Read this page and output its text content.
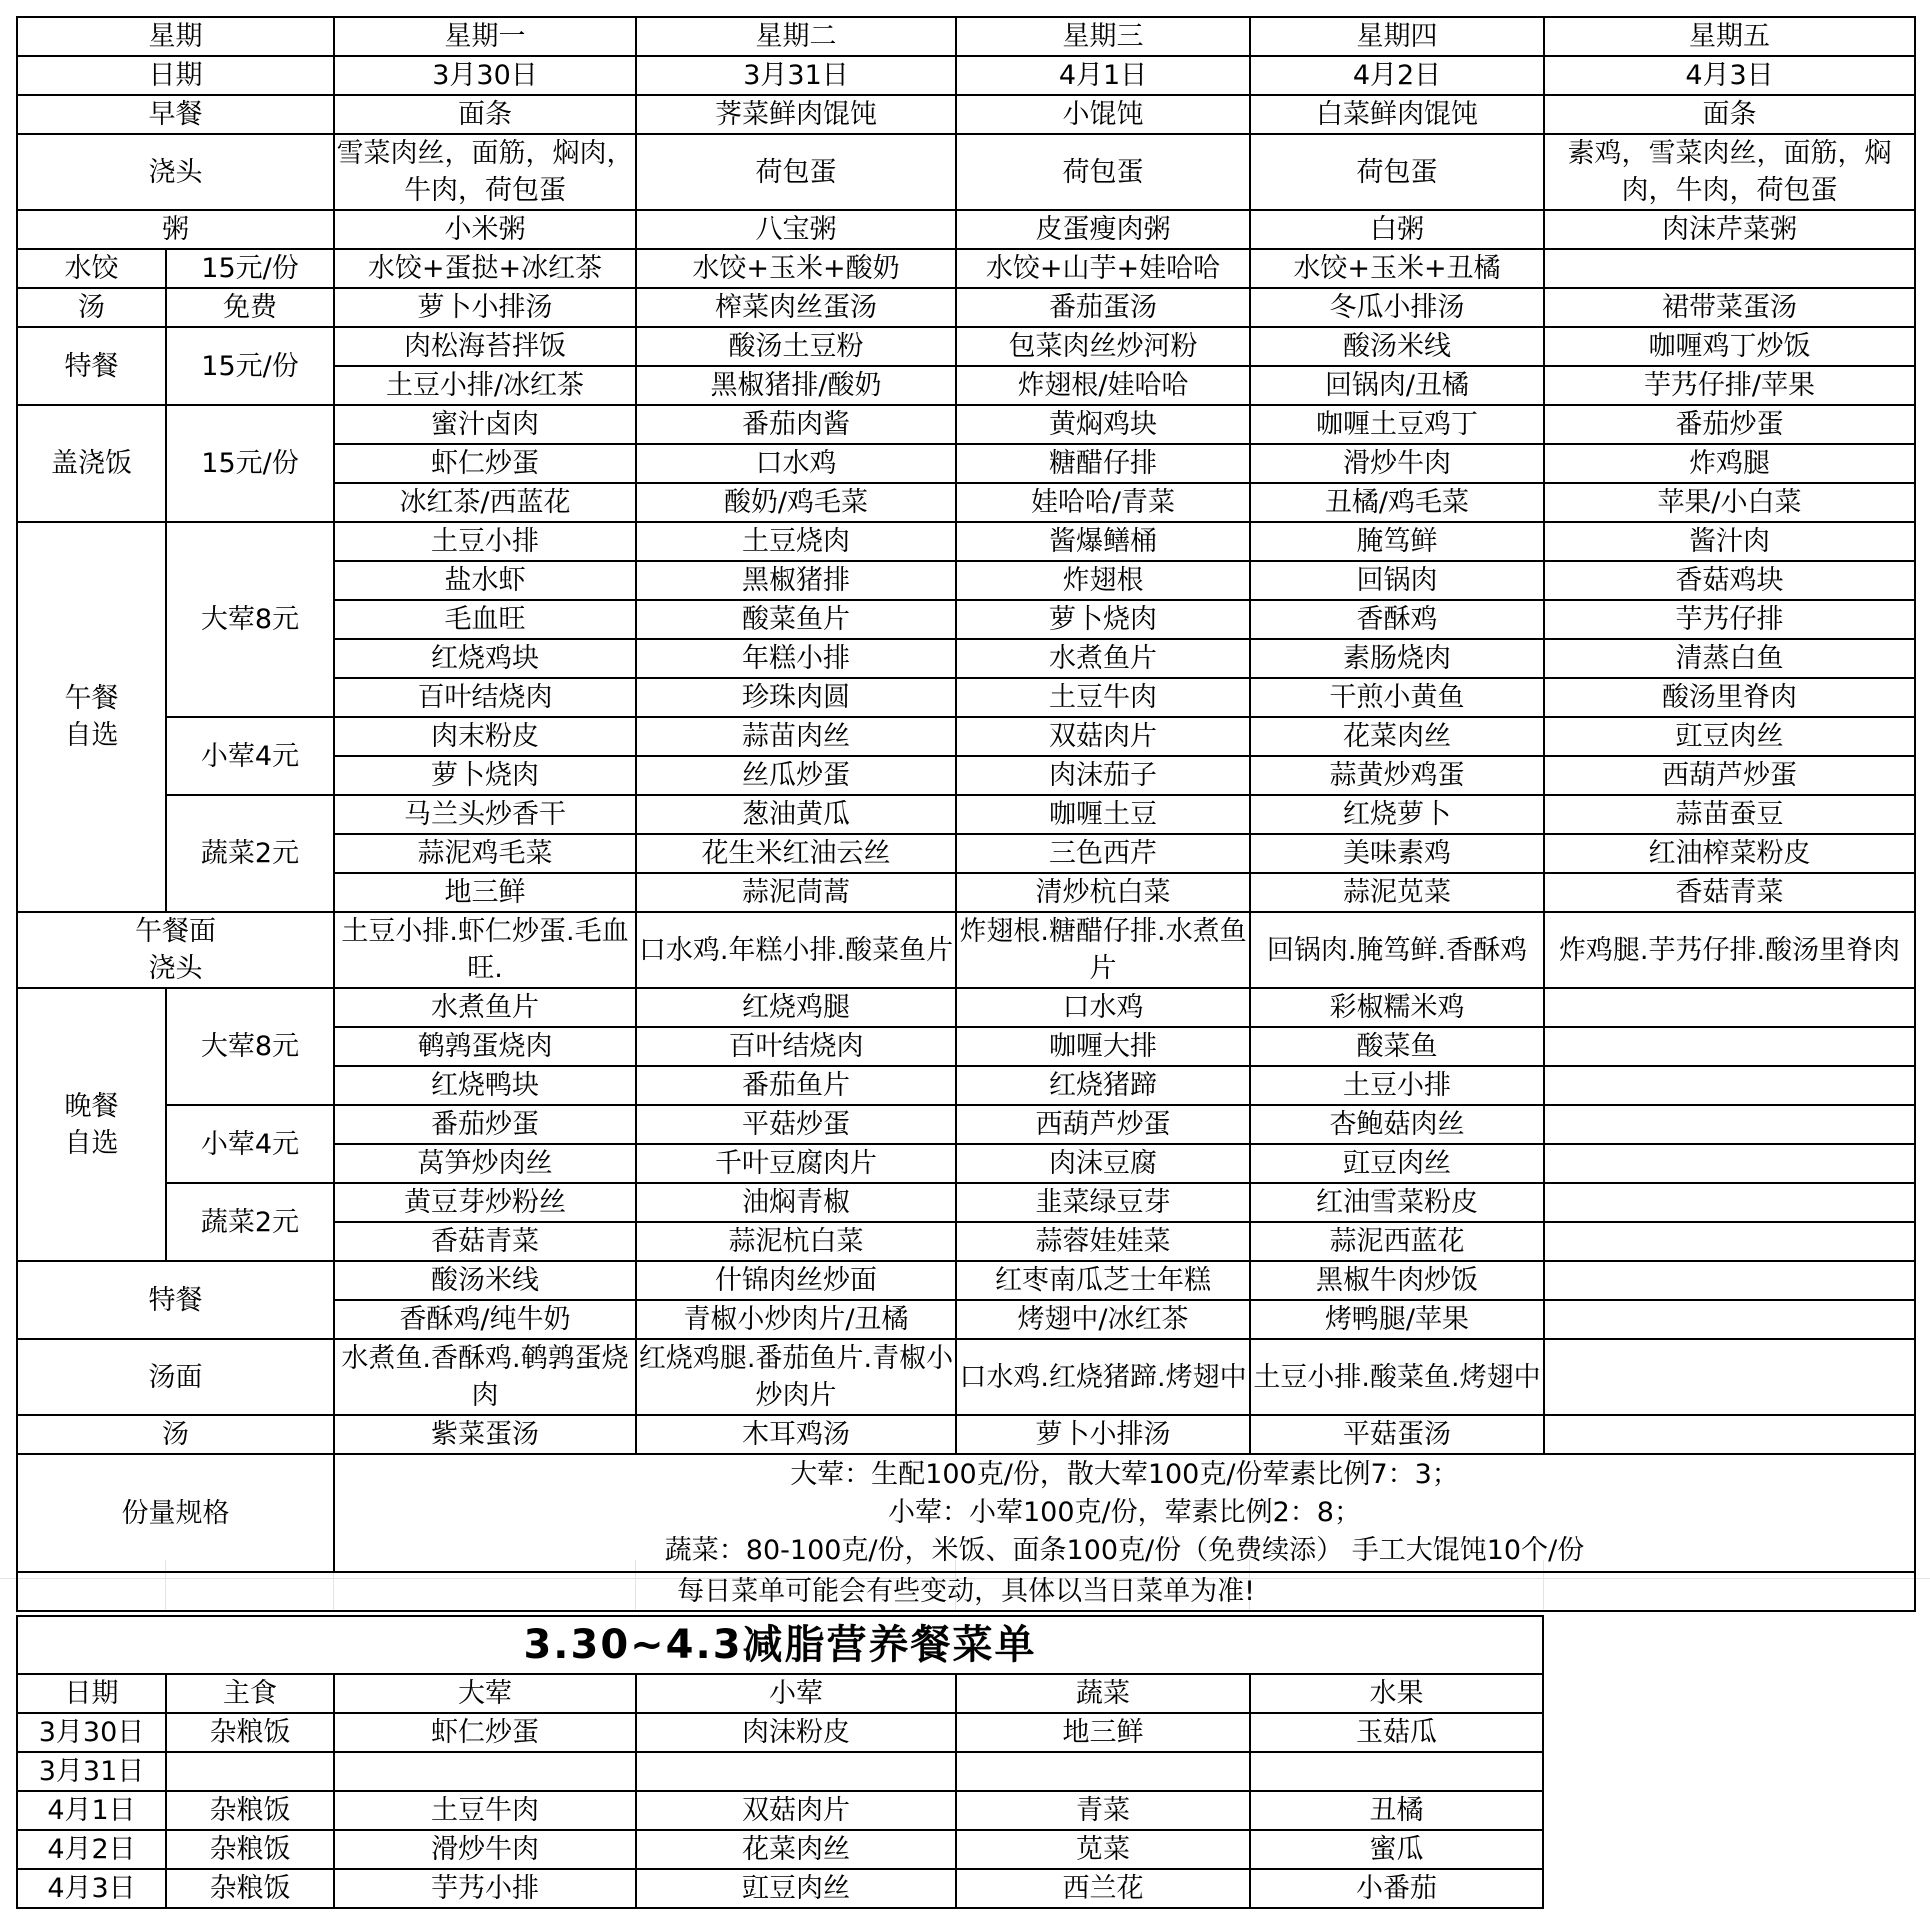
星期		星期一	星期二	星期三	星期四	星期五
日期		3月30日	3月31日	4月1日	4月2日	4月3日
早餐		面条	荠菜鲜肉馄饨	小馄饨	白菜鲜肉馄饨	面条
浇头		雪菜肉丝，面筋，焖肉，牛肉，荷包蛋	荷包蛋	荷包蛋	荷包蛋	素鸡，雪菜肉丝，面筋，焖肉，牛肉，荷包蛋
粥		小米粥	八宝粥	皮蛋瘦肉粥	白粥	肉沫芹菜粥
水饺	15元/份	水饺+蛋挞+冰红茶	水饺+玉米+酸奶	水饺+山芋+娃哈哈	水饺+玉米+丑橘	
汤	免费	萝卜小排汤	榨菜肉丝蛋汤	番茄蛋汤	冬瓜小排汤	裙带菜蛋汤
特餐	15元/份	肉松海苔拌饭	酸汤土豆粉	包菜肉丝炒河粉	酸汤米线	咖喱鸡丁炒饭
		土豆小排/冰红茶	黑椒猪排/酸奶	炸翅根/娃哈哈	回锅肉/丑橘	芋艿仔排/苹果
盖浇饭	15元/份	蜜汁卤肉	番茄肉酱	黄焖鸡块	咖喱土豆鸡丁	番茄炒蛋
		虾仁炒蛋	口水鸡	糖醋仔排	滑炒牛肉	炸鸡腿
		冰红茶/西蓝花	酸奶/鸡毛菜	娃哈哈/青菜	丑橘/鸡毛菜	苹果/小白菜
午餐
自选	大荤8元	土豆小排	土豆烧肉	酱爆鳝桶	腌笃鲜	酱汁肉
		盐水虾	黑椒猪排	炸翅根	回锅肉	香菇鸡块
		毛血旺	酸菜鱼片	萝卜烧肉	香酥鸡	芋艿仔排
		红烧鸡块	年糕小排	水煮鱼片	素肠烧肉	清蒸白鱼
		百叶结烧肉	珍珠肉圆	土豆牛肉	干煎小黄鱼	酸汤里脊肉
	小荤4元	肉末粉皮	蒜苗肉丝	双菇肉片	花菜肉丝	豇豆肉丝
		萝卜烧肉	丝瓜炒蛋	肉沫茄子	蒜黄炒鸡蛋	西葫芦炒蛋
	蔬菜2元	马兰头炒香干	葱油黄瓜	咖喱土豆	红烧萝卜	蒜苗蚕豆
		蒜泥鸡毛菜	花生米红油云丝	三色西芹	美味素鸡	红油榨菜粉皮
		地三鲜	蒜泥茼蒿	清炒杭白菜	蒜泥苋菜	香菇青菜
午餐面
浇头		土豆小排.虾仁炒蛋.毛血旺.	口水鸡.年糕小排.酸菜鱼片	炸翅根.糖醋仔排.水煮鱼片	回锅肉.腌笃鲜.香酥鸡	炸鸡腿.芋艿仔排.酸汤里脊肉
晚餐
自选	大荤8元	水煮鱼片	红烧鸡腿	口水鸡	彩椒糯米鸡	
		鹌鹑蛋烧肉	百叶结烧肉	咖喱大排	酸菜鱼	
		红烧鸭块	番茄鱼片	红烧猪蹄	土豆小排	
	小荤4元	番茄炒蛋	平菇炒蛋	西葫芦炒蛋	杏鲍菇肉丝	
		莴笋炒肉丝	千叶豆腐肉片	肉沫豆腐	豇豆肉丝	
	蔬菜2元	黄豆芽炒粉丝	油焖青椒	韭菜绿豆芽	红油雪菜粉皮	
		香菇青菜	蒜泥杭白菜	蒜蓉娃娃菜	蒜泥西蓝花	
特餐		酸汤米线	什锦肉丝炒面	红枣南瓜芝士年糕	黑椒牛肉炒饭	
		香酥鸡/纯牛奶	青椒小炒肉片/丑橘	烤翅中/冰红茶	烤鸭腿/苹果	
汤面		水煮鱼.香酥鸡.鹌鹑蛋烧肉	红烧鸡腿.番茄鱼片.青椒小炒肉片	口水鸡.红烧猪蹄.烤翅中	土豆小排.酸菜鱼.烤翅中	
汤		紫菜蛋汤	木耳鸡汤	萝卜小排汤	平菇蛋汤	
份量规格		大荤：生配100克/份，散大荤100克/份荤素比例7：3；
小荤：小荤100克/份，荤素比例2：8；
蔬菜：80-100克/份，米饭、面条100克/份（免费续添） 手工大馄饨10个/份				
每日菜单可能会有些变动，具体以当日菜单为准!						
3.30~4.3减脂营养餐菜单					
日期	主食	大荤	小荤	蔬菜	水果
3月30日	杂粮饭	虾仁炒蛋	肉沫粉皮	地三鲜	玉菇瓜
3月31日					
4月1日	杂粮饭	土豆牛肉	双菇肉片	青菜	丑橘
4月2日	杂粮饭	滑炒牛肉	花菜肉丝	苋菜	蜜瓜
4月3日	杂粮饭	芋艿小排	豇豆肉丝	西兰花	小番茄
